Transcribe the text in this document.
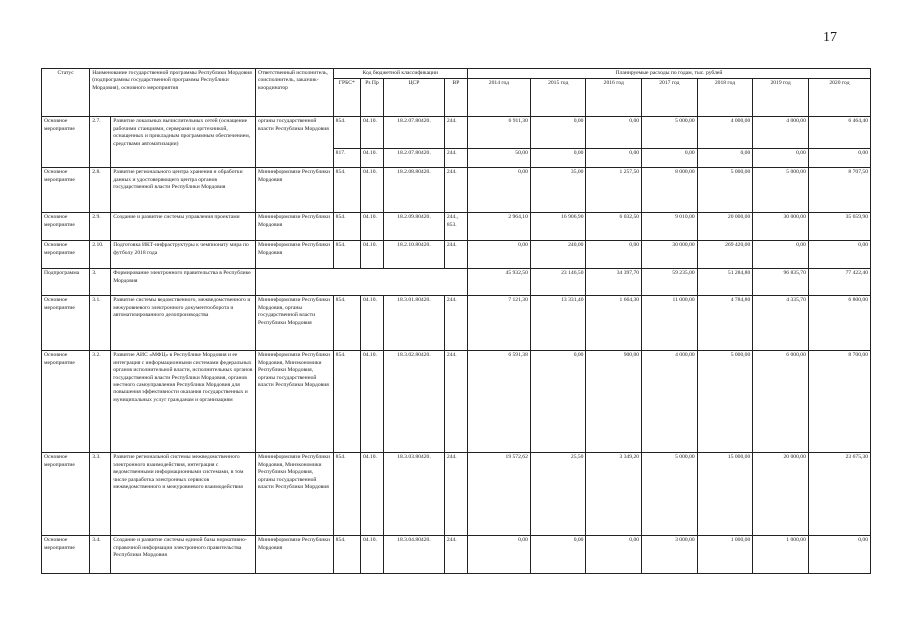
17
Статус	Наименование государственной программы Республики Мордовия (подпрограммы государственной программы Республики Мордовия), основного мероприятия		Ответственный исполнитель, соисполнитель, заказчик-координатор	Код бюджетной классификации				Планируемые расходы по годам, тыс. рублей						
				ГРБС*	Рз Пр	ЦСР	ВР	2014 год	2015 год	2016 год	2017 год	2018 год	2019 год	2020 год
Основное мероприятие	2.7.	Развитие локальных вычислительных сетей (оснащение рабочими станциями, серверами и оргтехникой, оснащенных и прикладным программным обеспечением, средствами автоматизации)	органы государственной власти Республики Мордовия	854.	04.10.	18.2.07.80420.	244.	6 911,30	0,00	0,00	5 000,00	4 000,00	4 000,00	6 464,40
				817.	04.10.	18.2.07.80420.	244.	50,00	0,00	0,00	0,00	0,00	0,00	0,00
Основное мероприятие	2.8.	Развитие регионального центра хранения и обработки данных и удостоверяющего центра органов государственной власти Республики Мордовия	Мининформсвязи Республики Мордовия	854.	04.10.	18.2.08.80420.	244.	0,00	35,00	1 257,50	8 000,00	5 000,00	5 000,00	8 707,50
Основное мероприятие	2.9.	Создание и развитие системы управления проектами	Мининформсвязи Республики Мордовия	854.	04.10.	18.2.09.80420.	244., 853.	2 964,10	16 906,90	6 032,50	9 010,00	20 000,00	30 000,00	35 659,90
Основное мероприятие	2.10.	Подготовка ИКТ-инфраструктуры к чемпионату мира по футболу 2018 года	Мининформсвязи Республики Мордовия	854.	04.10.	18.2.10.80420.	244.	0,00	240,00	0,00	30 000,00	269 420,00	0,00	0,00
Подпрограмма	3.	Формирование электронного правительства в Республике Мордовия						45 932,50	23 146,50	34 397,70	59 235,00	51 284,80	96 835,70	77 422,40
Основное мероприятие	3.1.	Развитие системы ведомственного, межведомственного и межуровневого электронного документооборота и автоматизированного делопроизводства	Мининформсвязи Республики Мордовия, органы государственной власти Республики Мордовия	854.	04.10.	18.3.01.80420.	244.	7 121,30	13 331,40	1 664,30	11 000,00	4 784,80	4 335,70	6 800,00
Основное мероприятие	3.2.	Развитие АИС «МФЦ» в Республике Мордовия и ее интеграция с информационными системами федеральных органов исполнительной власти, исполнительных органов государственной власти Республики Мордовия, органов местного самоуправления Республики Мордовия для повышения эффективности оказания государственных и муниципальных услуг гражданам и организациям	Мининформсвязи Республики Мордовия, Минэкономики Республики Мордовия, органы государственной власти Республики Мордовия	854.	04.10.	18.3.02.80420.	244.	6 591,38	0,00	900,00	4 000,00	5 000,00	6 000,00	8 700,00
Основное мероприятие	3.3.	Развитие региональной системы межведомственного электронного взаимодействия, интеграция с ведомственными информационными системами, в том числе разработка электронных сервисов межведомственного и межуровневого взаимодействия	Мининформсвязи Республики Мордовия, Минэкономики Республики Мордовия, органы государственной власти Республики Мордовия	854.	04.10.	18.3.03.80420.	244.	19 572,62	25,50	3 349,20	5 000,00	15 000,00	20 000,00	23 675,30
Основное мероприятие	3.4.	Создание и развитие системы единой базы нормативно-справочной информации электронного правительства Республики Мордовия	Мининформсвязи Республики Мордовия	854.	04.10.	18.3.04.80420.	244.	0,00	0,00	0,00	3 000,00	1 000,00	1 000,00	0,00
